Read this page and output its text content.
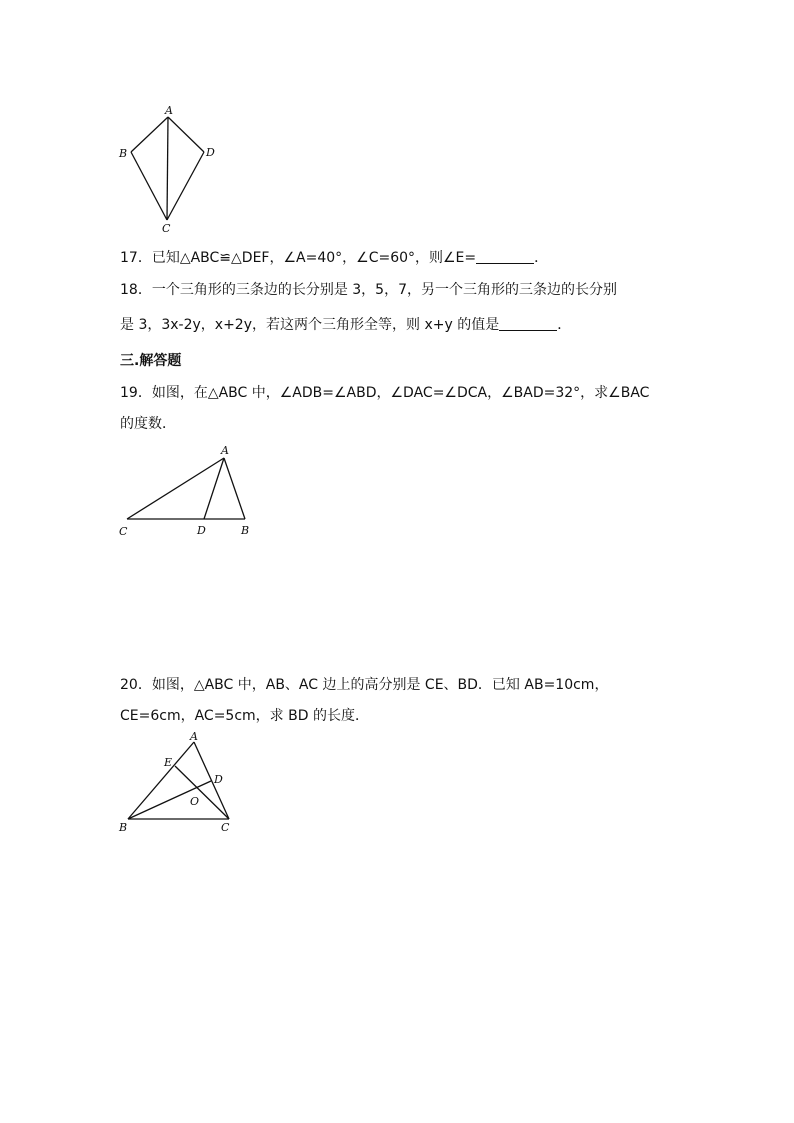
A
B	D
C
17．已知△ABC≌△DEF，∠A=40°，∠C=60°，则∠E=	．
18．一个三角形的三条边的长分别是 3，5，7，另一个三角形的三条边的长分别
是 3，3x-2y，x+2y，若这两个三角形全等，则 x+y 的值是	．
三.解答题
19．如图，在△ABC 中，∠ADB=∠ABD，∠DAC=∠DCA，∠BAD=32°，求∠BAC
的度数．
A
C	D	B
20．如图，△ABC 中，AB、AC 边上的高分别是 CE、BD．已知 AB=10cm，
CE=6cm，AC=5cm，求 BD 的长度．
A
E
D
O
B	C
